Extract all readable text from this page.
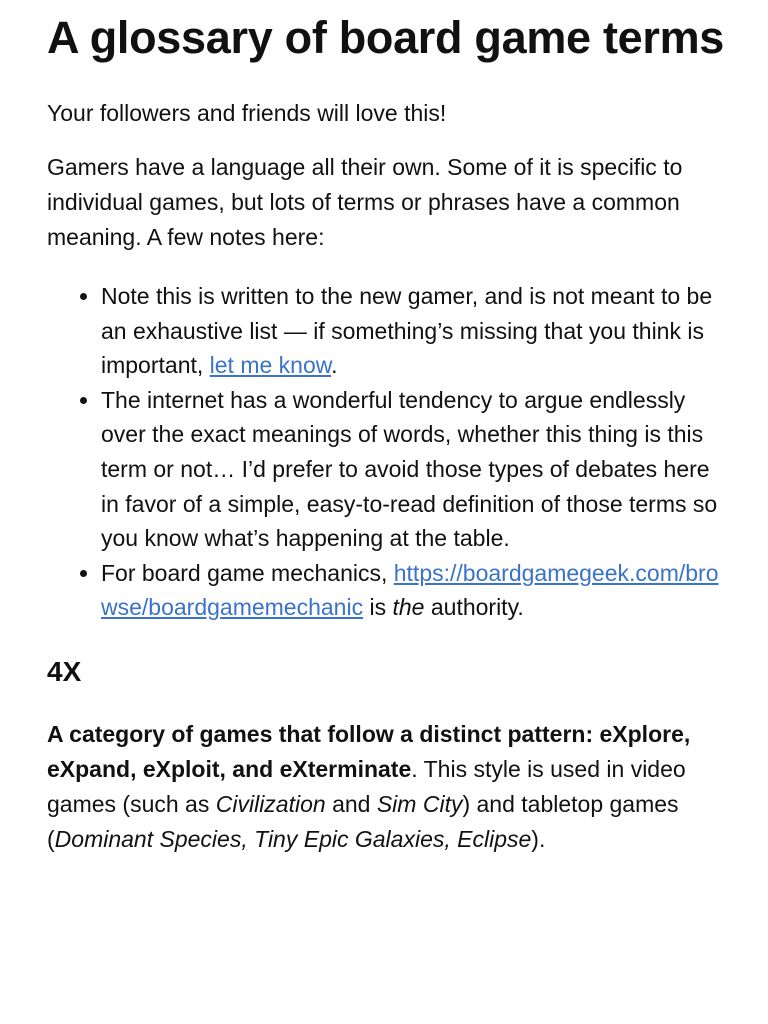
A glossary of board game terms

Your followers and friends will love this!

Gamers have a language all their own. Some of it is specific to individual games, but lots of terms or phrases have a common meaning. A few notes here:

• Note this is written to the new gamer, and is not meant to be an exhaustive list — if something’s missing that you think is important, let me know.
• The internet has a wonderful tendency to argue endlessly over the exact meanings of words, whether this thing is this term or not… I’d prefer to avoid those types of debates here in favor of a simple, easy-to-read definition of those terms so you know what’s happening at the table.
• For board game mechanics, https://boardgamegeek.com/browse/boardgamemechanic is the authority.
4X

A category of games that follow a distinct pattern: eXplore, eXpand, eXploit, and eXterminate. This style is used in video games (such as Civilization and Sim City) and tabletop games (Dominant Species, Tiny Epic Galaxies, Eclipse).
